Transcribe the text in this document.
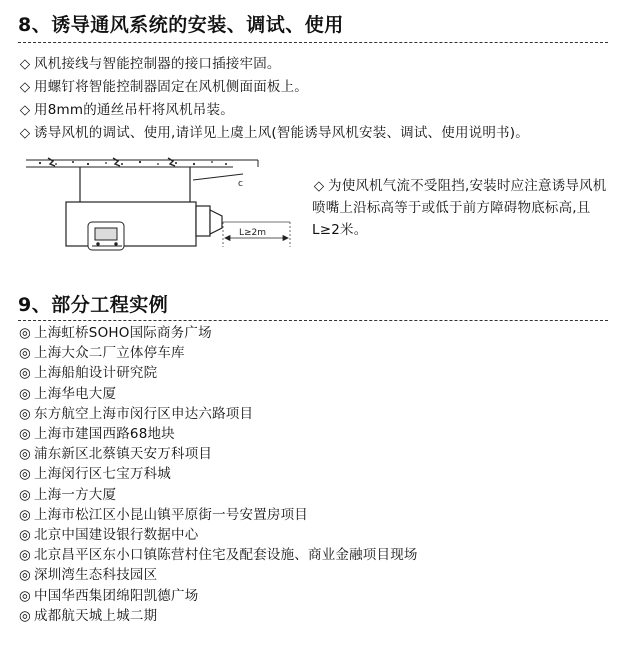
8、诱导通风系统的安装、调试、使用
◇ 风机接线与智能控制器的接口插接牢固。
◇ 用螺钉将智能控制器固定在风机侧面面板上。
◇ 用8mm的通丝吊杆将风机吊装。
◇ 诱导风机的调试、使用,请详见上虞上风(智能诱导风机安装、调试、使用说明书)。
c
L≥2m

◇ 为使风机气流不受阻挡,安装时应注意诱导风机喷嘴上沿标高等于或低于前方障碍物底标高,且L≥2米。

9、部分工程实例
◎ 上海虹桥SOHO国际商务广场
◎ 上海大众二厂立体停车库
◎ 上海船舶设计研究院
◎ 上海华电大厦
◎ 东方航空上海市闵行区申达六路项目
◎ 上海市建国西路68地块
◎ 浦东新区北蔡镇天安万科项目
◎ 上海闵行区七宝万科城
◎ 上海一方大厦
◎ 上海市松江区小昆山镇平原街一号安置房项目
◎ 北京中国建设银行数据中心
◎ 北京昌平区东小口镇陈营村住宅及配套设施、商业金融项目现场
◎ 深圳湾生态科技园区
◎ 中国华西集团绵阳凯德广场
◎ 成都航天城上城二期
